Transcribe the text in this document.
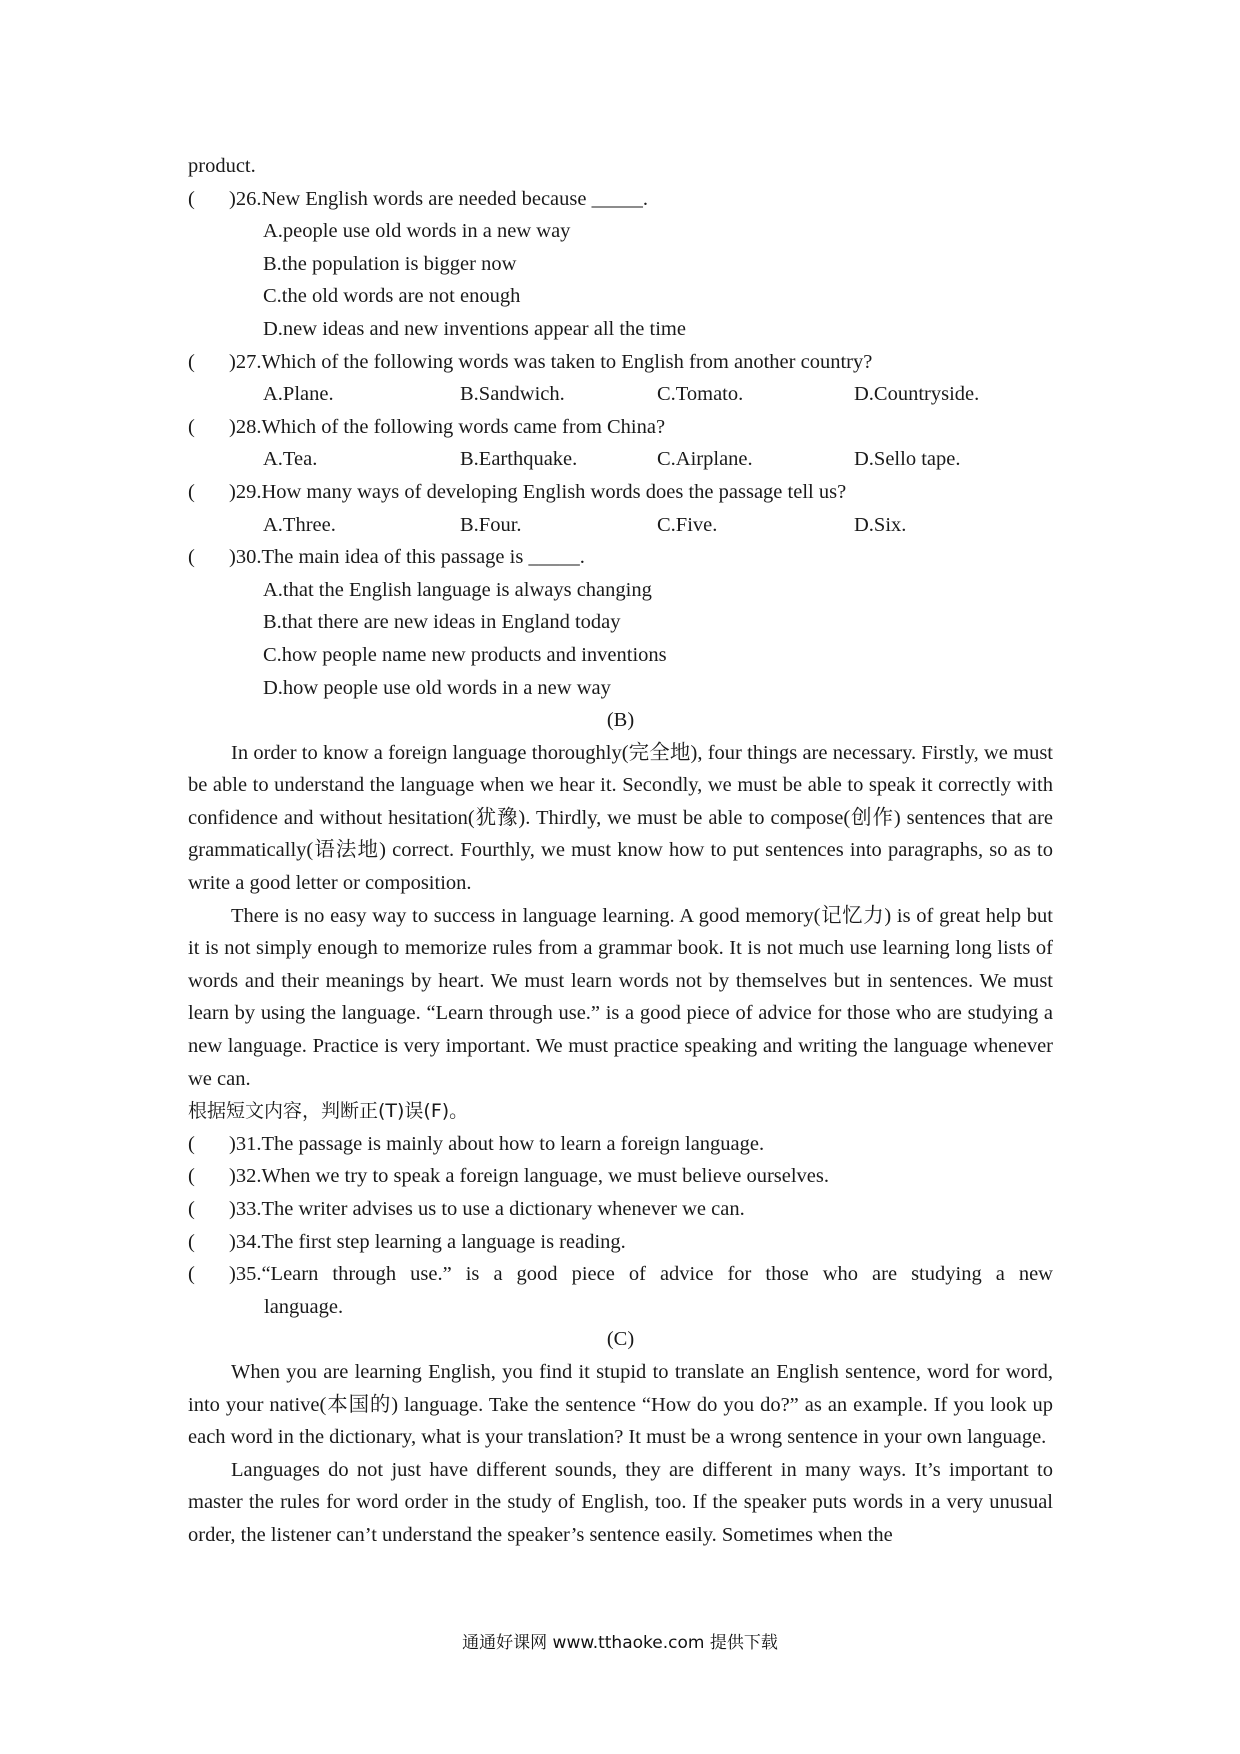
product.
( )26.New English words are needed because _____.
A.people use old words in a new way
B.the population is bigger now
C.the old words are not enough
D.new ideas and new inventions appear all the time
( )27.Which of the following words was taken to English from another country?
A.Plane.	B.Sandwich.	C.Tomato.	D.Countryside.
( )28.Which of the following words came from China?
A.Tea.	B.Earthquake.	C.Airplane.	D.Sello tape.
( )29.How many ways of developing English words does the passage tell us?
A.Three.	B.Four.	C.Five.	D.Six.
( )30.The main idea of this passage is _____.
A.that the English language is always changing
B.that there are new ideas in England today
C.how people name new products and inventions
D.how people use old words in a new way
(B)
In order to know a foreign language thoroughly(完全地), four things are necessary. Firstly, we must be able to understand the language when we hear it. Secondly, we must be able to speak it correctly with confidence and without hesitation(犹豫). Thirdly, we must be able to compose(创作) sentences that are grammatically(语法地) correct. Fourthly, we must know how to put sentences into paragraphs, so as to write a good letter or composition.
There is no easy way to success in language learning. A good memory(记忆力) is of great help but it is not simply enough to memorize rules from a grammar book. It is not much use learning long lists of words and their meanings by heart. We must learn words not by themselves but in sentences. We must learn by using the language. “Learn through use.” is a good piece of advice for those who are studying a new language. Practice is very important. We must practice speaking and writing the language whenever we can.
根据短文内容，判断正(T)误(F)。
( )31.The passage is mainly about how to learn a foreign language.
( )32.When we try to speak a foreign language, we must believe ourselves.
( )33.The writer advises us to use a dictionary whenever we can.
( )34.The first step learning a language is reading.
( )35.“Learn through use.” is a good piece of advice for those who are studying a new
language.
(C)
When you are learning English, you find it stupid to translate an English sentence, word for word, into your native(本国的) language. Take the sentence “How do you do?” as an example. If you look up each word in the dictionary, what is your translation? It must be a wrong sentence in your own language.
Languages do not just have different sounds, they are different in many ways. It’s important to master the rules for word order in the study of English, too. If the speaker puts words in a very unusual order, the listener can’t understand the speaker’s sentence easily. Sometimes when the
通通好课网 www.tthaoke.com 提供下载
